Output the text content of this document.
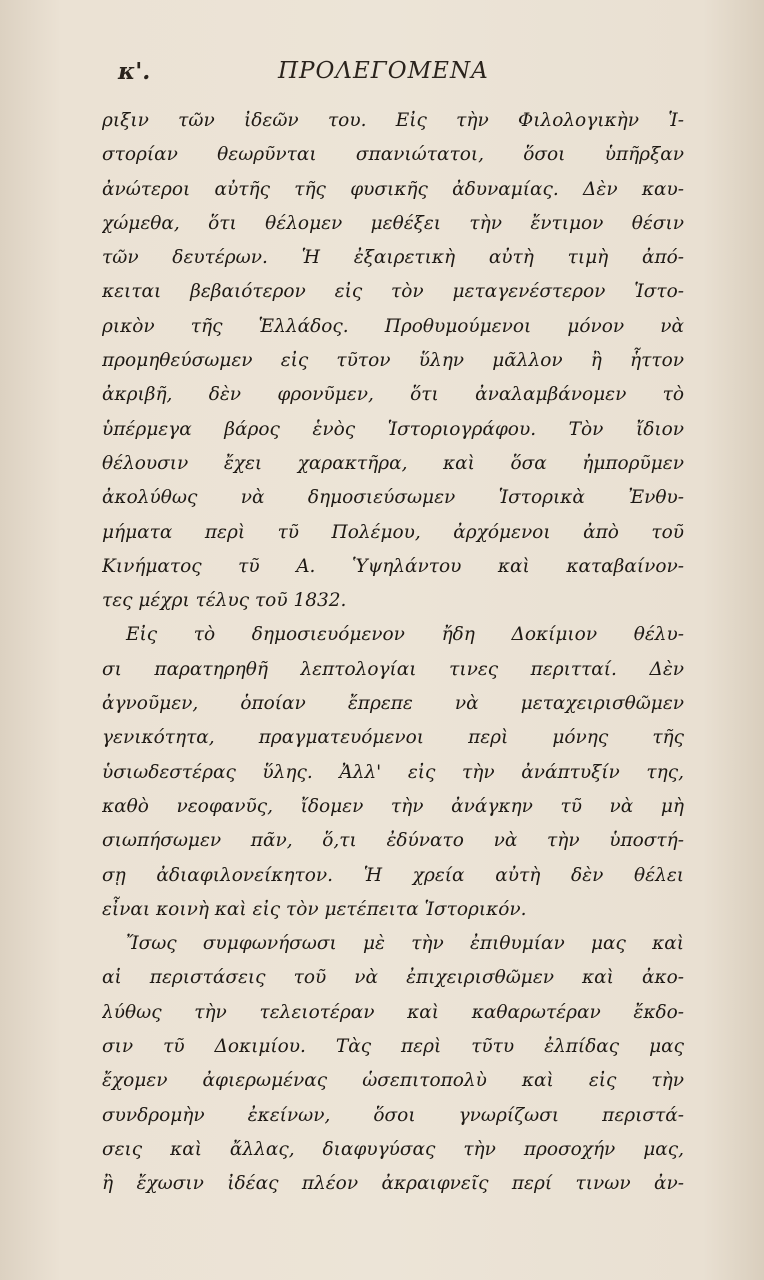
κ'.	ΠΡΟΛΕΓΟΜΕΝΑ
ριξιν τῶν ἰδεῶν του. Εἰς τὴν Φιλολογικὴν Ἱ-
στορίαν θεωρῦνται σπανιώτατοι, ὅσοι ὑπῆρξαν
ἀνώτεροι αὐτῆς τῆς φυσικῆς ἀδυναμίας. Δὲν καυ-
χώμεθα, ὅτι θέλομεν μεθέξει τὴν ἔντιμον θέσιν
τῶν δευτέρων. Ἡ ἐξαιρετικὴ αὐτὴ τιμὴ ἀπό-
κειται βεβαιότερον εἰς τὸν μεταγενέστερον Ἱστο-
ρικὸν τῆς Ἑλλάδος. Προθυμούμενοι μόνον νὰ
προμηθεύσωμεν εἰς τῦτον ὕλην μᾶλλον ἢ ἧττον
ἀκριβῆ, δὲν φρονῦμεν, ὅτι ἀναλαμβάνομεν τὸ
ὑπέρμεγα βάρος ἑνὸς Ἱστοριογράφου. Τὸν ἴδιον
θέλουσιν ἔχει χαρακτῆρα, καὶ ὅσα ἠμπορῦμεν
ἀκολύθως νὰ δημοσιεύσωμεν Ἱστορικὰ Ἐνθυ-
μήματα περὶ τῦ Πολέμου, ἀρχόμενοι ἀπὸ τοῦ
Κινήματος τῦ Α. Ὑψηλάντου καὶ καταβαίνον-
τες μέχρι τέλυς τοῦ 1832.
Εἰς τὸ δημοσιευόμενον ἤδη Δοκίμιον θέλυ-
σι παρατηρηθῆ λεπτολογίαι τινες περιτταί. Δὲν
ἀγνοῦμεν, ὁποίαν ἔπρεπε νὰ μεταχειρισθῶμεν
γενικότητα, πραγματευόμενοι περὶ μόνης τῆς
ὑσιωδεστέρας ὕλης. Ἀλλ' εἰς τὴν ἀνάπτυξίν της,
καθὸ νεοφανῦς, ἴδομεν τὴν ἀνάγκην τῦ νὰ μὴ
σιωπήσωμεν πᾶν, ὅ,τι ἐδύνατο νὰ τὴν ὑποστή-
σῃ ἀδιαφιλονείκητον. Ἡ χρεία αὐτὴ δὲν θέλει
εἶναι κοινὴ καὶ εἰς τὸν μετέπειτα Ἱστορικόν.
Ἴσως συμφωνήσωσι μὲ τὴν ἐπιθυμίαν μας καὶ
αἱ περιστάσεις τοῦ νὰ ἐπιχειρισθῶμεν καὶ ἀκο-
λύθως τὴν τελειοτέραν καὶ καθαρωτέραν ἔκδο-
σιν τῦ Δοκιμίου. Τὰς περὶ τῦτυ ἐλπίδας μας
ἔχομεν ἀφιερωμένας ὡσεπιτοπολὺ καὶ εἰς τὴν
συνδρομὴν ἐκείνων, ὅσοι γνωρίζωσι περιστά-
σεις καὶ ἄλλας, διαφυγύσας τὴν προσοχήν μας,
ἢ ἔχωσιν ἰδέας πλέον ἀκραιφνεῖς περί τινων ἀν-
